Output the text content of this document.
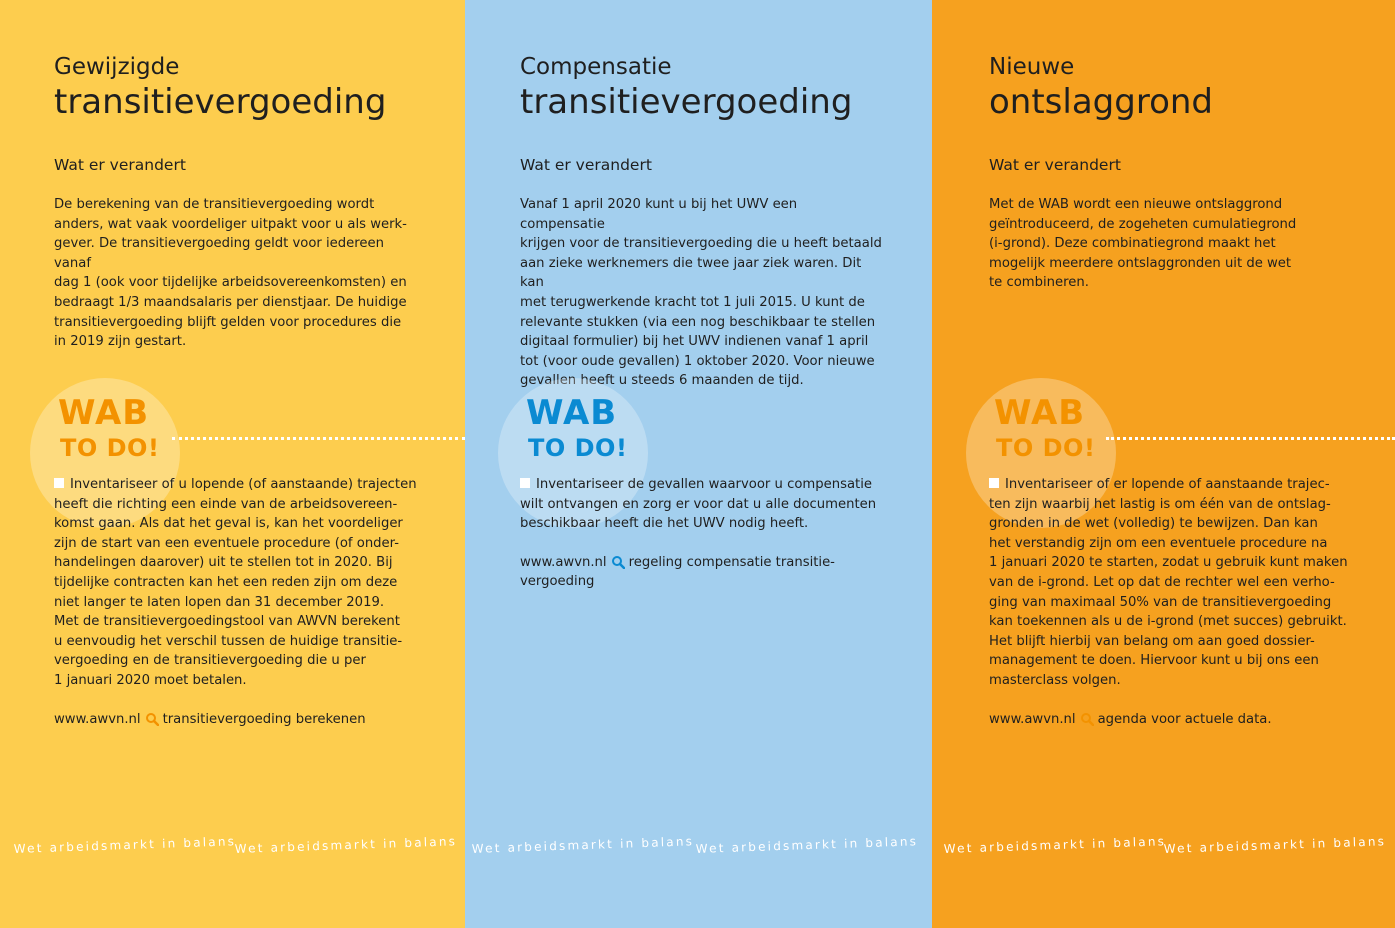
Gewijzigde
transitievergoeding
Wat er verandert
De berekening van de transitievergoeding wordt
anders, wat vaak voordeliger uitpakt voor u als werk-
gever. De transitievergoeding geldt voor iedereen vanaf
dag 1 (ook voor tijdelijke arbeidsovereenkomsten) en
bedraagt 1/3 maandsalaris per dienstjaar. De huidige
transitievergoeding blijft gelden voor procedures die
in 2019 zijn gestart.
WAB
TO DO!
Inventariseer of u lopende (of aanstaande) trajecten
heeft die richting een einde van de arbeidsovereen-
komst gaan. Als dat het geval is, kan het voordeliger
zijn de start van een eventuele procedure (of onder-
handelingen daarover) uit te stellen tot in 2020. Bij
tijdelijke contracten kan het een reden zijn om deze
niet langer te laten lopen dan 31 december 2019.
Met de transitievergoedingstool van AWVN berekent
u eenvoudig het verschil tussen de huidige transitie-
vergoeding en de transitievergoeding die u per
1 januari 2020 moet betalen.
www.awvn.nl transitievergoeding berekenen
Wet arbeidsmarkt in balans
Wet arbeidsmarkt in balans
Compensatie
transitievergoeding
Wat er verandert
Vanaf 1 april 2020 kunt u bij het UWV een compensatie
krijgen voor de transitievergoeding die u heeft betaald
aan zieke werknemers die twee jaar ziek waren. Dit kan
met terugwerkende kracht tot 1 juli 2015. U kunt de
relevante stukken (via een nog beschikbaar te stellen
digitaal formulier) bij het UWV indienen vanaf 1 april
tot (voor oude gevallen) 1 oktober 2020. Voor nieuwe
gevallen heeft u steeds 6 maanden de tijd.
WAB
TO DO!
Inventariseer de gevallen waarvoor u compensatie
wilt ontvangen en zorg er voor dat u alle documenten
beschikbaar heeft die het UWV nodig heeft.
www.awvn.nl regeling compensatie transitie-
vergoeding
Wet arbeidsmarkt in balans Wet arbeidsmarkt in balans
Nieuwe
ontslaggrond
Wat er verandert
Met de WAB wordt een nieuwe ontslaggrond
geïntroduceerd, de zogeheten cumulatiegrond
(i-grond). Deze combinatiegrond maakt het
mogelijk meerdere ontslaggronden uit de wet
te combineren.
WAB
TO DO!
Inventariseer of er lopende of aanstaande trajec-
ten zijn waarbij het lastig is om één van de ontslag-
gronden in de wet (volledig) te bewijzen. Dan kan
het verstandig zijn om een eventuele procedure na
1 januari 2020 te starten, zodat u gebruik kunt maken
van de i-grond. Let op dat de rechter wel een verho-
ging van maximaal 50% van de transitievergoeding
kan toekennen als u de i-grond (met succes) gebruikt.
Het blijft hierbij van belang om aan goed dossier-
management te doen. Hiervoor kunt u bij ons een
masterclass volgen.
www.awvn.nl agenda voor actuele data.
Wet arbeidsmarkt in balans
Wet arbeidsmarkt in balans
